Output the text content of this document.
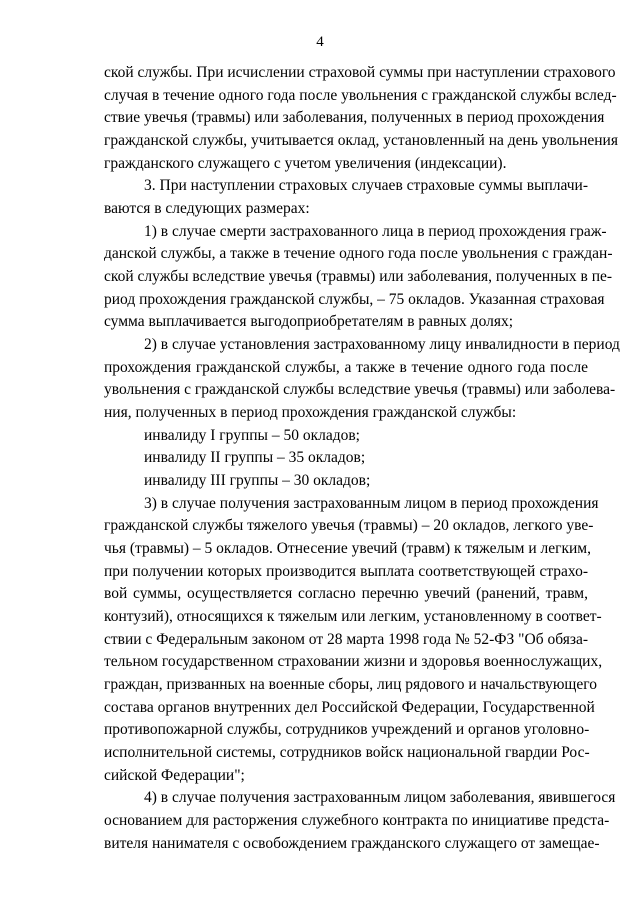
4
ской службы. При исчислении страховой суммы при наступлении страхового
случая в течение одного года после увольнения с гражданской службы вслед-
ствие увечья (травмы) или заболевания, полученных в период прохождения
гражданской службы, учитывается оклад, установленный на день увольнения
гражданского служащего с учетом увеличения (индексации).
3. При наступлении страховых случаев страховые суммы выплачи-
ваются в следующих размерах:
1) в случае смерти застрахованного лица в период прохождения граж-
данской службы, а также в течение одного года после увольнения с граждан-
ской службы вследствие увечья (травмы) или заболевания, полученных в пе-
риод прохождения гражданской службы, – 75 окладов. Указанная страховая
сумма выплачивается выгодоприобретателям в равных долях;
2) в случае установления застрахованному лицу инвалидности в период
прохождения гражданской службы, а также в течение одного года после
увольнения с гражданской службы вследствие увечья (травмы) или заболева-
ния, полученных в период прохождения гражданской службы:
инвалиду I группы – 50 окладов;
инвалиду II группы – 35 окладов;
инвалиду III группы – 30 окладов;
3) в случае получения застрахованным лицом в период прохождения
гражданской службы тяжелого увечья (травмы) – 20 окладов, легкого уве-
чья (травмы) – 5 окладов. Отнесение увечий (травм) к тяжелым и легким,
при получении которых производится выплата соответствующей страхо-
вой суммы, осуществляется согласно перечню увечий (ранений, травм,
контузий), относящихся к тяжелым или легким, установленному в соответ-
ствии с Федеральным законом от 28 марта 1998 года № 52-ФЗ "Об обяза-
тельном государственном страховании жизни и здоровья военнослужащих,
граждан, призванных на военные сборы, лиц рядового и начальствующего
состава органов внутренних дел Российской Федерации, Государственной
противопожарной службы, сотрудников учреждений и органов уголовно-
исполнительной системы, сотрудников войск национальной гвардии Рос-
сийской Федерации";
4) в случае получения застрахованным лицом заболевания, явившегося
основанием для расторжения служебного контракта по инициативе предста-
вителя нанимателя с освобождением гражданского служащего от замещае-
